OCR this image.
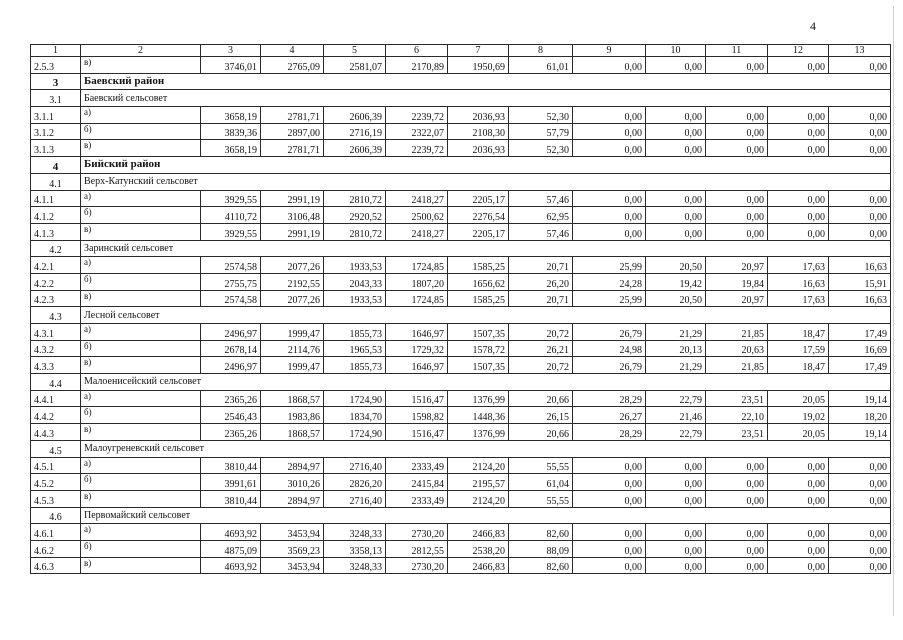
4
1	2	3	4	5	6	7	8	9	10	11	12	13
2.5.3	в)	3746,01	2765,09	2581,07	2170,89	1950,69	61,01	0,00	0,00	0,00	0,00	0,00
3	Баевский район											
3.1	Баевский сельсовет											
3.1.1	а)	3658,19	2781,71	2606,39	2239,72	2036,93	52,30	0,00	0,00	0,00	0,00	0,00
3.1.2	б)	3839,36	2897,00	2716,19	2322,07	2108,30	57,79	0,00	0,00	0,00	0,00	0,00
3.1.3	в)	3658,19	2781,71	2606,39	2239,72	2036,93	52,30	0,00	0,00	0,00	0,00	0,00
4	Бийский район											
4.1	Верх-Катунский сельсовет											
4.1.1	а)	3929,55	2991,19	2810,72	2418,27	2205,17	57,46	0,00	0,00	0,00	0,00	0,00
4.1.2	б)	4110,72	3106,48	2920,52	2500,62	2276,54	62,95	0,00	0,00	0,00	0,00	0,00
4.1.3	в)	3929,55	2991,19	2810,72	2418,27	2205,17	57,46	0,00	0,00	0,00	0,00	0,00
4.2	Заринский сельсовет											
4.2.1	а)	2574,58	2077,26	1933,53	1724,85	1585,25	20,71	25,99	20,50	20,97	17,63	16,63
4.2.2	б)	2755,75	2192,55	2043,33	1807,20	1656,62	26,20	24,28	19,42	19,84	16,63	15,91
4.2.3	в)	2574,58	2077,26	1933,53	1724,85	1585,25	20,71	25,99	20,50	20,97	17,63	16,63
4.3	Лесной сельсовет											
4.3.1	а)	2496,97	1999,47	1855,73	1646,97	1507,35	20,72	26,79	21,29	21,85	18,47	17,49
4.3.2	б)	2678,14	2114,76	1965,53	1729,32	1578,72	26,21	24,98	20,13	20,63	17,59	16,69
4.3.3	в)	2496,97	1999,47	1855,73	1646,97	1507,35	20,72	26,79	21,29	21,85	18,47	17,49
4.4	Малоенисейский сельсовет											
4.4.1	а)	2365,26	1868,57	1724,90	1516,47	1376,99	20,66	28,29	22,79	23,51	20,05	19,14
4.4.2	б)	2546,43	1983,86	1834,70	1598,82	1448,36	26,15	26,27	21,46	22,10	19,02	18,20
4.4.3	в)	2365,26	1868,57	1724,90	1516,47	1376,99	20,66	28,29	22,79	23,51	20,05	19,14
4.5	Малоугреневский сельсовет											
4.5.1	а)	3810,44	2894,97	2716,40	2333,49	2124,20	55,55	0,00	0,00	0,00	0,00	0,00
4.5.2	б)	3991,61	3010,26	2826,20	2415,84	2195,57	61,04	0,00	0,00	0,00	0,00	0,00
4.5.3	в)	3810,44	2894,97	2716,40	2333,49	2124,20	55,55	0,00	0,00	0,00	0,00	0,00
4.6	Первомайский сельсовет											
4.6.1	а)	4693,92	3453,94	3248,33	2730,20	2466,83	82,60	0,00	0,00	0,00	0,00	0,00
4.6.2	б)	4875,09	3569,23	3358,13	2812,55	2538,20	88,09	0,00	0,00	0,00	0,00	0,00
4.6.3	в)	4693,92	3453,94	3248,33	2730,20	2466,83	82,60	0,00	0,00	0,00	0,00	0,00
